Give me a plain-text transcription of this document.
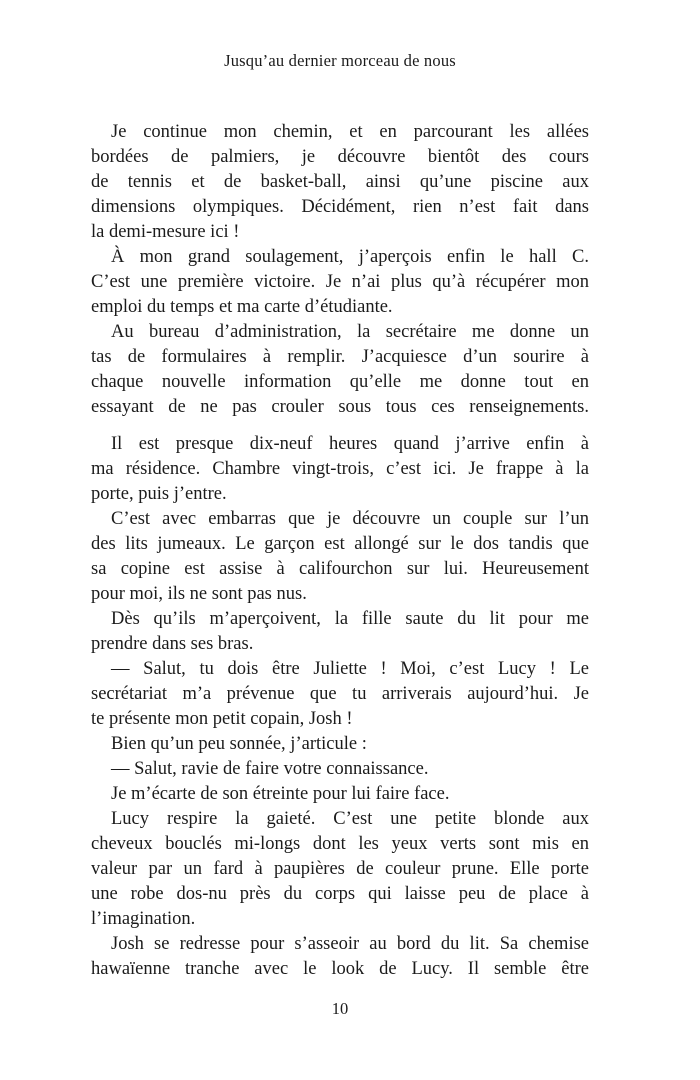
Jusqu’au dernier morceau de nous
Je continue mon chemin, et en parcourant les allées
bordées de palmiers, je découvre bientôt des cours
de tennis et de basket-ball, ainsi qu’une piscine aux
dimensions olympiques. Décidément, rien n’est fait dans
la demi-mesure ici !
À mon grand soulagement, j’aperçois enfin le hall C.
C’est une première victoire. Je n’ai plus qu’à récupérer mon
emploi du temps et ma carte d’étudiante.
Au bureau d’administration, la secrétaire me donne un
tas de formulaires à remplir. J’acquiesce d’un sourire à
chaque nouvelle information qu’elle me donne tout en
essayant de ne pas crouler sous tous ces renseignements.
Il est presque dix-neuf heures quand j’arrive enfin à
ma résidence. Chambre vingt-trois, c’est ici. Je frappe à la
porte, puis j’entre.
C’est avec embarras que je découvre un couple sur l’un
des lits jumeaux. Le garçon est allongé sur le dos tandis que
sa copine est assise à califourchon sur lui. Heureusement
pour moi, ils ne sont pas nus.
Dès qu’ils m’aperçoivent, la fille saute du lit pour me
prendre dans ses bras.
— Salut, tu dois être Juliette ! Moi, c’est Lucy ! Le
secrétariat m’a prévenue que tu arriverais aujourd’hui. Je
te présente mon petit copain, Josh !
Bien qu’un peu sonnée, j’articule :
— Salut, ravie de faire votre connaissance.
Je m’écarte de son étreinte pour lui faire face.
Lucy respire la gaieté. C’est une petite blonde aux
cheveux bouclés mi-longs dont les yeux verts sont mis en
valeur par un fard à paupières de couleur prune. Elle porte
une robe dos-nu près du corps qui laisse peu de place à
l’imagination.
Josh se redresse pour s’asseoir au bord du lit. Sa chemise
hawaïenne tranche avec le look de Lucy. Il semble être
10
